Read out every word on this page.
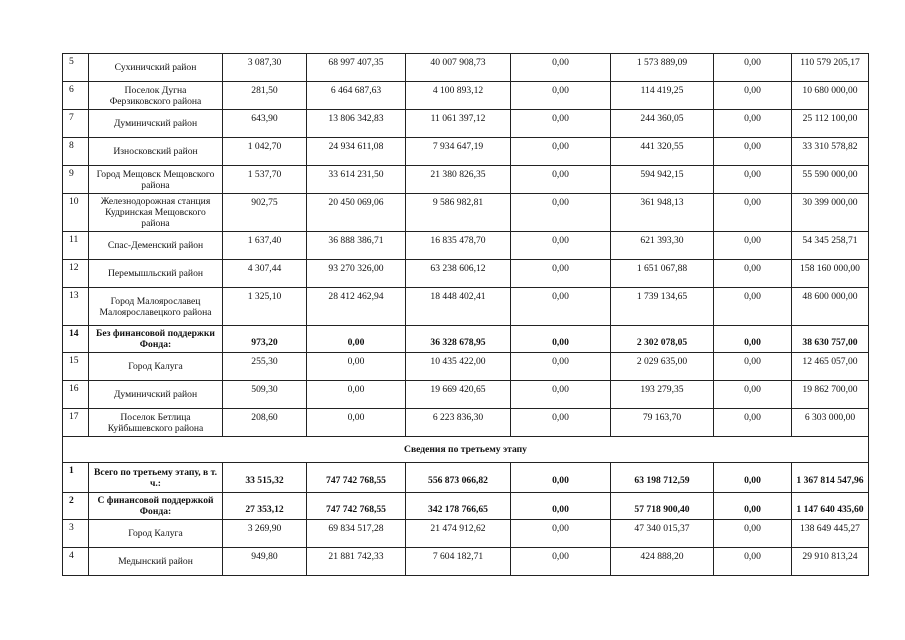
5	Сухиничский район	3 087,30	68 997 407,35	40 007 908,73	0,00	1 573 889,09	0,00	110 579 205,17
6	Поселок Дугна Ферзиковского района	281,50	6 464 687,63	4 100 893,12	0,00	114 419,25	0,00	10 680 000,00
7	Думиничский район	643,90	13 806 342,83	11 061 397,12	0,00	244 360,05	0,00	25 112 100,00
8	Износковский район	1 042,70	24 934 611,08	7 934 647,19	0,00	441 320,55	0,00	33 310 578,82
9	Город Мещовск Мещовского района	1 537,70	33 614 231,50	21 380 826,35	0,00	594 942,15	0,00	55 590 000,00
10	Железнодорожная станция Кудринская Мещовского района	902,75	20 450 069,06	9 586 982,81	0,00	361 948,13	0,00	30 399 000,00
11	Спас-Деменский район	1 637,40	36 888 386,71	16 835 478,70	0,00	621 393,30	0,00	54 345 258,71
12	Перемышльский район	4 307,44	93 270 326,00	63 238 606,12	0,00	1 651 067,88	0,00	158 160 000,00
13	Город Малоярославец Малоярославецкого района	1 325,10	28 412 462,94	18 448 402,41	0,00	1 739 134,65	0,00	48 600 000,00
14	Без финансовой поддержки Фонда:	973,20	0,00	36 328 678,95	0,00	2 302 078,05	0,00	38 630 757,00
15	Город Калуга	255,30	0,00	10 435 422,00	0,00	2 029 635,00	0,00	12 465 057,00
16	Думиничский район	509,30	0,00	19 669 420,65	0,00	193 279,35	0,00	19 862 700,00
17	Поселок Бетлица Куйбышевского района	208,60	0,00	6 223 836,30	0,00	79 163,70	0,00	6 303 000,00
Сведения по третьему этапу								
1	Всего по третьему этапу, в т. ч.:	33 515,32	747 742 768,55	556 873 066,82	0,00	63 198 712,59	0,00	1 367 814 547,96
2	С финансовой поддержкой Фонда:	27 353,12	747 742 768,55	342 178 766,65	0,00	57 718 900,40	0,00	1 147 640 435,60
3	Город Калуга	3 269,90	69 834 517,28	21 474 912,62	0,00	47 340 015,37	0,00	138 649 445,27
4	Медынский район	949,80	21 881 742,33	7 604 182,71	0,00	424 888,20	0,00	29 910 813,24
